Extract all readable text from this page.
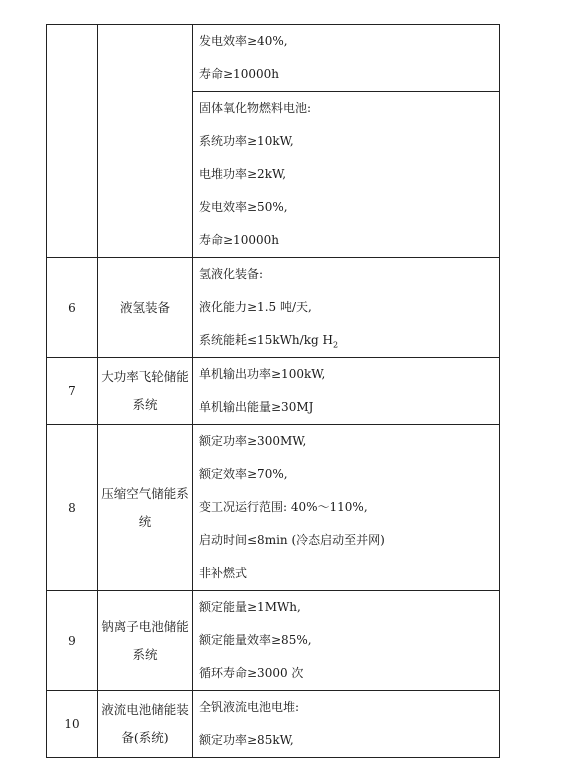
		发电效率≥40%,
寿命≥10000h

		固体氧化物燃料电池:
系统功率≥10kW,
电堆功率≥2kW,
发电效率≥50%,
寿命≥10000h

6	液氢装备	氢液化装备:
液化能力≥1.5 吨/天,
系统能耗≤15kWh/kg $H_2$

7	大功率飞轮储能系统	单机输出功率≥100kW,
单机输出能量≥30MJ

8	压缩空气储能系统	额定功率≥300MW,
额定效率≥70%,
变工况运行范围: 40%～110%,
启动时间≤8min (冷态启动至并网)
非补燃式

9	钠离子电池储能系统	额定能量≥1MWh,
额定能量效率≥85%,
循环寿命≥3000 次

10	液流电池储能装备(系统)	全钒液流电池电堆:
额定功率≥85kW,
